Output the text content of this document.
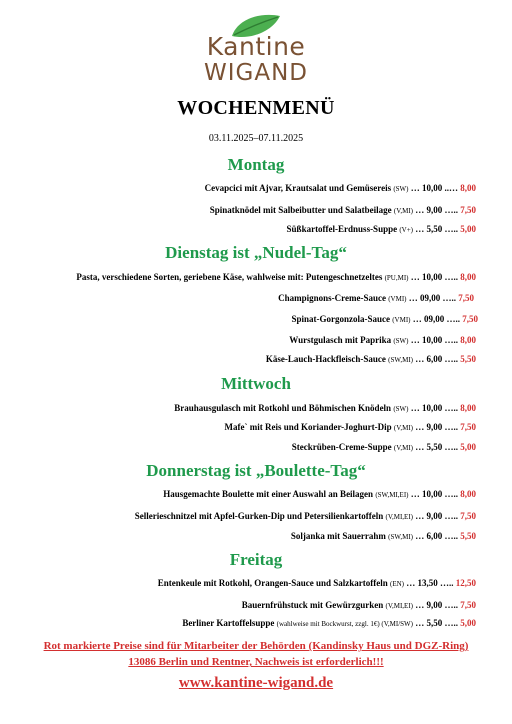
Kantine
WIGAND
WOCHENMENÜ
03.11.2025–07.11.2025
Montag
Cevapcici mit Ajvar, Krautsalat und Gemüsereis (SW) … 10,00 ..… 8,00
Spinatknödel mit Salbeibutter und Salatbeilage (V,MI) … 9,00 ….. 7,50
Süßkartoffel-Erdnuss-Suppe (V+) … 5,50 ….. 5,00
Dienstag ist „Nudel-Tag“
Pasta, verschiedene Sorten, geriebene Käse, wahlweise mit: Putengeschnetzeltes (PU,MI) … 10,00 ….. 8,00
Champignons-Creme-Sauce (VMI) … 09,00 ….. 7,50
Spinat-Gorgonzola-Sauce (VMI) … 09,00 ….. 7,50
Wurstgulasch mit Paprika (SW) … 10,00 ….. 8,00
Käse-Lauch-Hackfleisch-Sauce (SW,MI) … 6,00 ….. 5,50
Mittwoch
Brauhausgulasch mit Rotkohl und Böhmischen Knödeln (SW) … 10,00 ….. 8,00
Mafe` mit Reis und Koriander-Joghurt-Dip (V,MI) … 9,00 ….. 7,50
Steckrüben-Creme-Suppe (V,MI) … 5,50 ….. 5,00
Donnerstag ist „Boulette-Tag“
Hausgemachte Boulette mit einer Auswahl an Beilagen (SW,MI,EI) … 10,00 ….. 8,00
Sellerieschnitzel mit Apfel-Gurken-Dip und Petersilienkartoffeln (V,MI,EI) … 9,00 ….. 7,50
Soljanka mit Sauerrahm (SW,MI) … 6,00 ….. 5,50
Freitag
Entenkeule mit Rotkohl, Orangen-Sauce und Salzkartoffeln (EN) … 13,50 ….. 12,50
Bauernfrühstuck mit Gewürzgurken (V,MI,EI) … 9,00 ….. 7,50
Berliner Kartoffelsuppe (wahlweise mit Bockwurst, zzgl. 1€) (V,MI/SW) … 5,50 ….. 5,00
Rot markierte Preise sind für Mitarbeiter der Behörden (Kandinsky Haus und DGZ-Ring)
13086 Berlin und Rentner, Nachweis ist erforderlich!!!
www.kantine-wigand.de
